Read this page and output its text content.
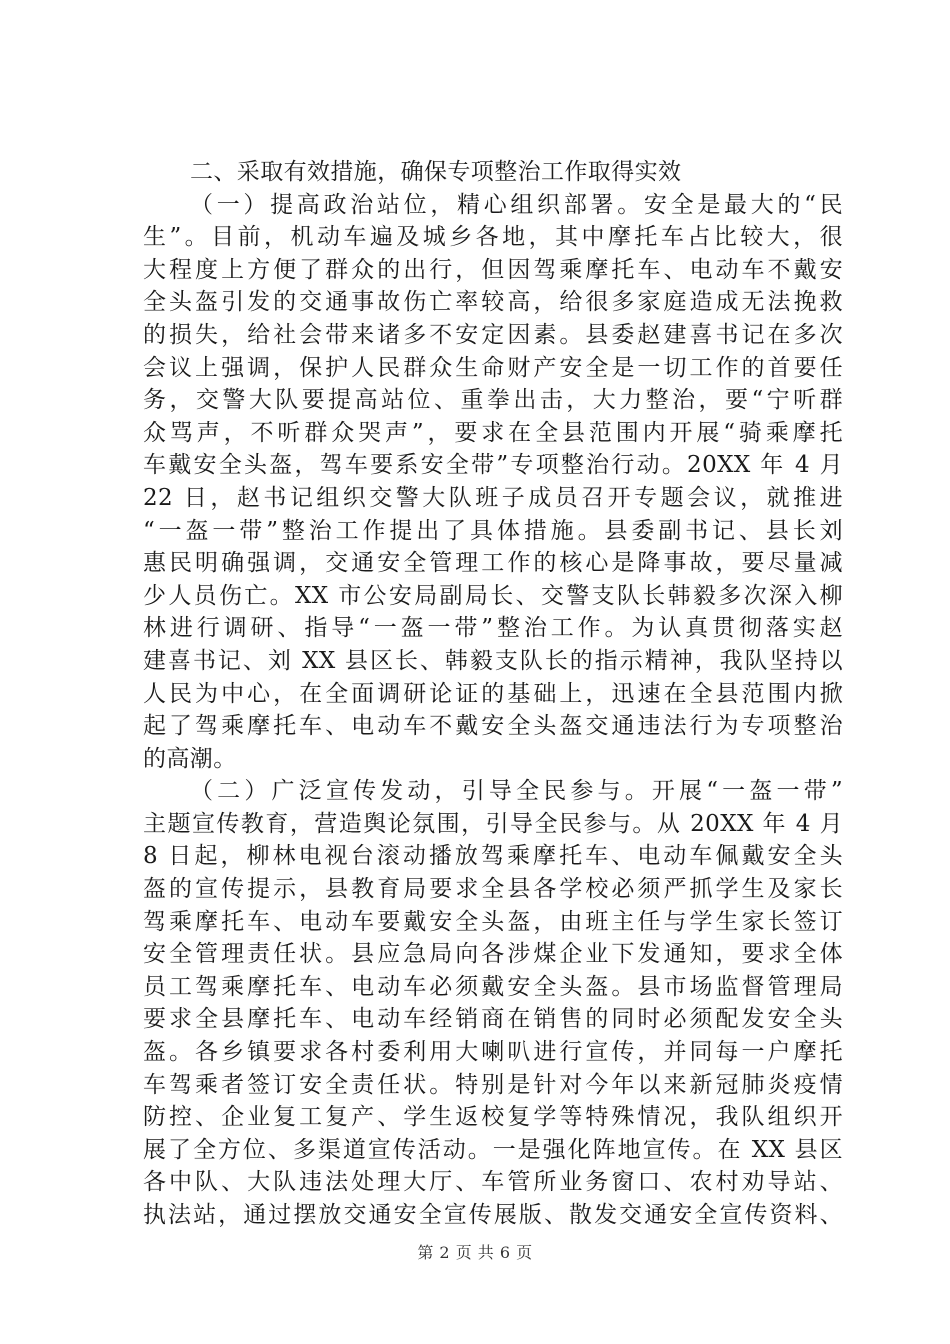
二、采取有效措施，确保专项整治工作取得实效
（一）提高政治站位，精心组织部署。安全是最大的“民
生”。目前，机动车遍及城乡各地，其中摩托车占比较大，很
大程度上方便了群众的出行，但因驾乘摩托车、电动车不戴安
全头盔引发的交通事故伤亡率较高，给很多家庭造成无法挽救
的损失，给社会带来诸多不安定因素。县委赵建喜书记在多次
会议上强调，保护人民群众生命财产安全是一切工作的首要任
务，交警大队要提高站位、重拳出击，大力整治，要“宁听群
众骂声，不听群众哭声”，要求在全县范围内开展“骑乘摩托
车戴安全头盔，驾车要系安全带”专项整治行动。20XX 年 4 月
22 日，赵书记组织交警大队班子成员召开专题会议，就推进
“一盔一带”整治工作提出了具体措施。县委副书记、县长刘
惠民明确强调，交通安全管理工作的核心是降事故，要尽量减
少人员伤亡。XX 市公安局副局长、交警支队长韩毅多次深入柳
林进行调研、指导“一盔一带”整治工作。为认真贯彻落实赵
建喜书记、刘 XX 县区长、韩毅支队长的指示精神，我队坚持以
人民为中心，在全面调研论证的基础上，迅速在全县范围内掀
起了驾乘摩托车、电动车不戴安全头盔交通违法行为专项整治
的高潮。
（二）广泛宣传发动，引导全民参与。开展“一盔一带”
主题宣传教育，营造舆论氛围，引导全民参与。从 20XX 年 4 月
8 日起，柳林电视台滚动播放驾乘摩托车、电动车佩戴安全头
盔的宣传提示，县教育局要求全县各学校必须严抓学生及家长
驾乘摩托车、电动车要戴安全头盔，由班主任与学生家长签订
安全管理责任状。县应急局向各涉煤企业下发通知，要求全体
员工驾乘摩托车、电动车必须戴安全头盔。县市场监督管理局
要求全县摩托车、电动车经销商在销售的同时必须配发安全头
盔。各乡镇要求各村委利用大喇叭进行宣传，并同每一户摩托
车驾乘者签订安全责任状。特别是针对今年以来新冠肺炎疫情
防控、企业复工复产、学生返校复学等特殊情况，我队组织开
展了全方位、多渠道宣传活动。一是强化阵地宣传。在 XX 县区
各中队、大队违法处理大厅、车管所业务窗口、农村劝导站、
执法站，通过摆放交通安全宣传展版、散发交通安全宣传资料、
第 2 页 共 6 页
